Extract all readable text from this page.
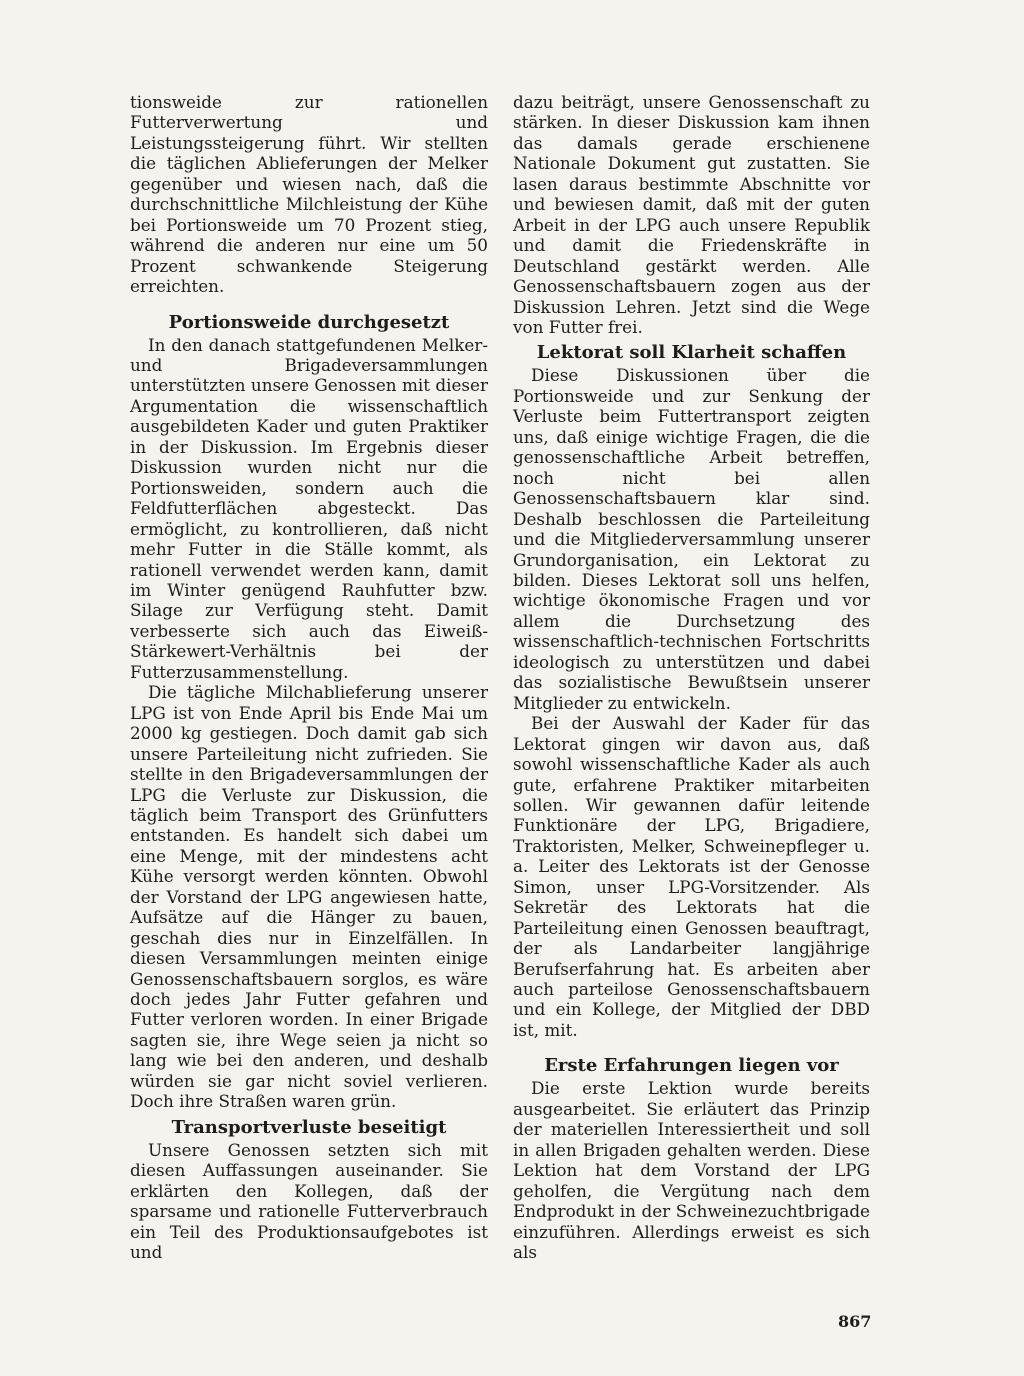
tionsweide zur rationellen Futterverwertung und Leistungssteigerung führt. Wir stellten die täglichen Ablieferungen der Melker gegenüber und wiesen nach, daß die durchschnittliche Milchleistung der Kühe bei Portionsweide um 70 Prozent stieg, während die anderen nur eine um 50 Prozent schwankende Steigerung erreichten.

Portionsweide durchgesetzt

In den danach stattgefundenen Melker- und Brigadeversammlungen unterstützten unsere Genossen mit dieser Argumentation die wissenschaftlich ausgebildeten Kader und guten Praktiker in der Diskussion. Im Ergebnis dieser Diskussion wurden nicht nur die Portionsweiden, sondern auch die Feldfutterflächen abgesteckt. Das ermöglicht, zu kontrollieren, daß nicht mehr Futter in die Ställe kommt, als rationell verwendet werden kann, damit im Winter genügend Rauhfutter bzw. Silage zur Verfügung steht. Damit verbesserte sich auch das Eiweiß-Stärkewert-Verhältnis bei der Futterzusammenstellung.

Die tägliche Milchablieferung unserer LPG ist von Ende April bis Ende Mai um 2000 kg gestiegen. Doch damit gab sich unsere Parteileitung nicht zufrieden. Sie stellte in den Brigadeversammlungen der LPG die Verluste zur Diskussion, die täglich beim Transport des Grünfutters entstanden. Es handelt sich dabei um eine Menge, mit der mindestens acht Kühe versorgt werden könnten. Obwohl der Vorstand der LPG angewiesen hatte, Aufsätze auf die Hänger zu bauen, geschah dies nur in Einzelfällen. In diesen Versammlungen meinten einige Genossenschaftsbauern sorglos, es wäre doch jedes Jahr Futter gefahren und Futter verloren worden. In einer Brigade sagten sie, ihre Wege seien ja nicht so lang wie bei den anderen, und deshalb würden sie gar nicht soviel verlieren. Doch ihre Straßen waren grün.

Transportverluste beseitigt

Unsere Genossen setzten sich mit diesen Auffassungen auseinander. Sie erklärten den Kollegen, daß der sparsame und rationelle Futterverbrauch ein Teil des Produktionsaufgebotes ist und

dazu beiträgt, unsere Genossenschaft zu stärken. In dieser Diskussion kam ihnen das damals gerade erschienene Nationale Dokument gut zustatten. Sie lasen daraus bestimmte Abschnitte vor und bewiesen damit, daß mit der guten Arbeit in der LPG auch unsere Republik und damit die Friedenskräfte in Deutschland gestärkt werden. Alle Genossenschaftsbauern zogen aus der Diskussion Lehren. Jetzt sind die Wege von Futter frei.

Lektorat soll Klarheit schaffen

Diese Diskussionen über die Portionsweide und zur Senkung der Verluste beim Futtertransport zeigten uns, daß einige wichtige Fragen, die die genossenschaftliche Arbeit betreffen, noch nicht bei allen Genossenschaftsbauern klar sind. Deshalb beschlossen die Parteileitung und die Mitgliederversammlung unserer Grundorganisation, ein Lektorat zu bilden. Dieses Lektorat soll uns helfen, wichtige ökonomische Fragen und vor allem die Durchsetzung des wissenschaftlich-technischen Fortschritts ideologisch zu unterstützen und dabei das sozialistische Bewußtsein unserer Mitglieder zu entwickeln.

Bei der Auswahl der Kader für das Lektorat gingen wir davon aus, daß sowohl wissenschaftliche Kader als auch gute, erfahrene Praktiker mitarbeiten sollen. Wir gewannen dafür leitende Funktionäre der LPG, Brigadiere, Traktoristen, Melker, Schweinepfleger u. a. Leiter des Lektorats ist der Genosse Simon, unser LPG-Vorsitzender. Als Sekretär des Lektorats hat die Parteileitung einen Genossen beauftragt, der als Landarbeiter langjährige Berufserfahrung hat. Es arbeiten aber auch parteilose Genossenschaftsbauern und ein Kollege, der Mitglied der DBD ist, mit.

Erste Erfahrungen liegen vor

Die erste Lektion wurde bereits ausgearbeitet. Sie erläutert das Prinzip der materiellen Interessiertheit und soll in allen Brigaden gehalten werden. Diese Lektion hat dem Vorstand der LPG geholfen, die Vergütung nach dem Endprodukt in der Schweinezuchtbrigade einzuführen. Allerdings erweist es sich als

867
